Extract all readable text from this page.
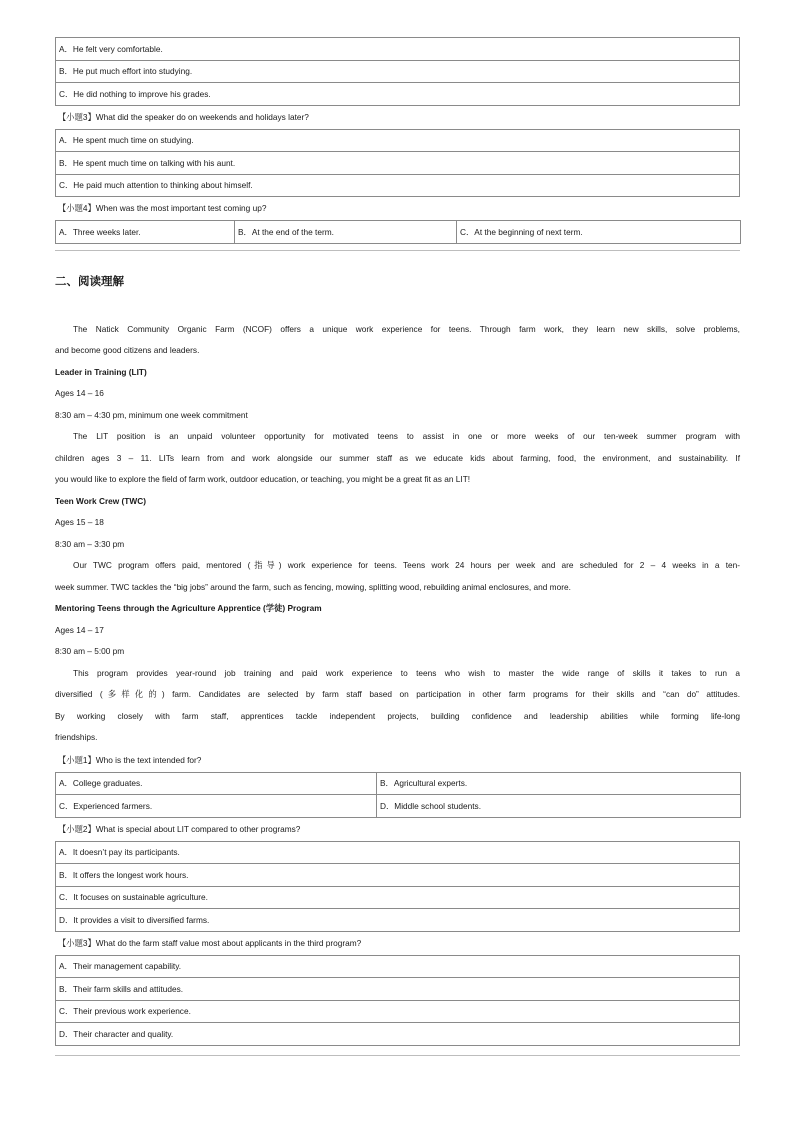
A．He felt very comfortable.
B．He put much effort into studying.
C．He did nothing to improve his grades.
【小题3】What did the speaker do on weekends and holidays later?
A．He spent much time on studying.
B．He spent much time on talking with his aunt.
C．He paid much attention to thinking about himself.
【小题4】When was the most important test coming up?
A．Three weeks later.	B．At the end of the term.	C．At the beginning of next term.
二、阅读理解
The Natick Community Organic Farm (NCOF) offers a unique work experience for teens. Through farm work, they learn new skills, solve problems,
and become good citizens and leaders.
Leader in Training (LIT)
Ages 14 – 16
8:30 am – 4:30 pm, minimum one week commitment
The LIT position is an unpaid volunteer opportunity for motivated teens to assist in one or more weeks of our ten-week summer program with
children ages 3 – 11. LITs learn from and work alongside our summer staff as we educate kids about farming, food, the environment, and sustainability. If
you would like to explore the field of farm work, outdoor education, or teaching, you might be a great fit as an LIT!
Teen Work Crew (TWC)
Ages 15 – 18
8:30 am – 3:30 pm
Our TWC program offers paid, mentored (指导) work experience for teens. Teens work 24 hours per week and are scheduled for 2 – 4 weeks in a ten-
week summer. TWC tackles the “big jobs” around the farm, such as fencing, mowing, splitting wood, rebuilding animal enclosures, and more.
Mentoring Teens through the Agriculture Apprentice (学徒) Program
Ages 14 – 17
8:30 am – 5:00 pm
This program provides year-round job training and paid work experience to teens who wish to master the wide range of skills it takes to run a
diversified (多样化的) farm. Candidates are selected by farm staff based on participation in other farm programs for their skills and “can do” attitudes.
By working closely with farm staff, apprentices tackle independent projects, building confidence and leadership abilities while forming life-long
friendships.
【小题1】Who is the text intended for?
A．College graduates.	B．Agricultural experts.
C．Experienced farmers.	D．Middle school students.
【小题2】What is special about LIT compared to other programs?
A．It doesn’t pay its participants.
B．It offers the longest work hours.
C．It focuses on sustainable agriculture.
D．It provides a visit to diversified farms.
【小题3】What do the farm staff value most about applicants in the third program?
A．Their management capability.
B．Their farm skills and attitudes.
C．Their previous work experience.
D．Their character and quality.
